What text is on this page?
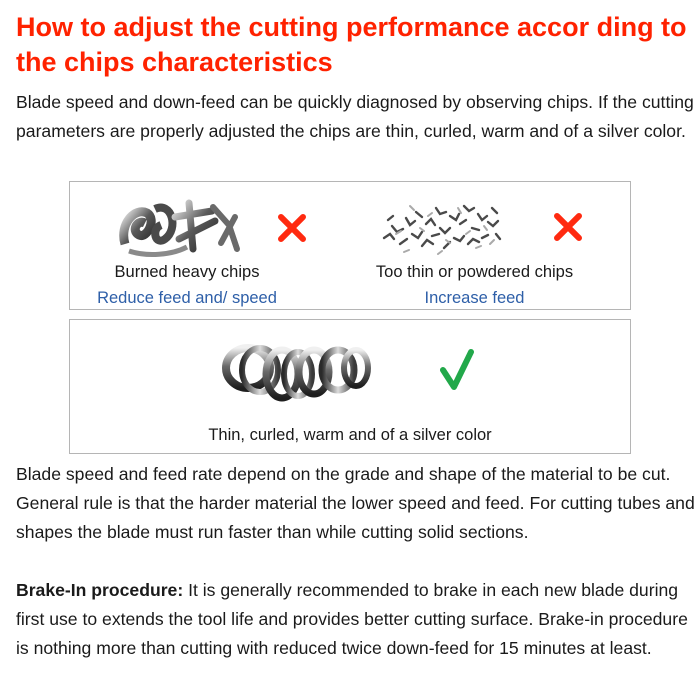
How to adjust the cutting performance accor ding to the chips characteristics

Blade speed and down-feed can be quickly diagnosed by observing chips. If the cutting parameters are properly adjusted the chips are thin, curled, warm and of a silver color.

Burned heavy chips
Reduce feed and/ speed
Too thin or powdered chips
Increase feed
Thin, curled, warm and of a silver color

Blade speed and feed rate depend on the grade and shape of the material to be cut. General rule is that the harder material the lower speed and feed. For cutting tubes and shapes the blade must run faster than while cutting solid sections.

Brake-In procedure: It is generally recommended to brake in each new blade during first use to extends the tool life and provides better cutting surface. Brake-in procedure is nothing more than cutting with reduced twice down-feed for 15 minutes at least.
